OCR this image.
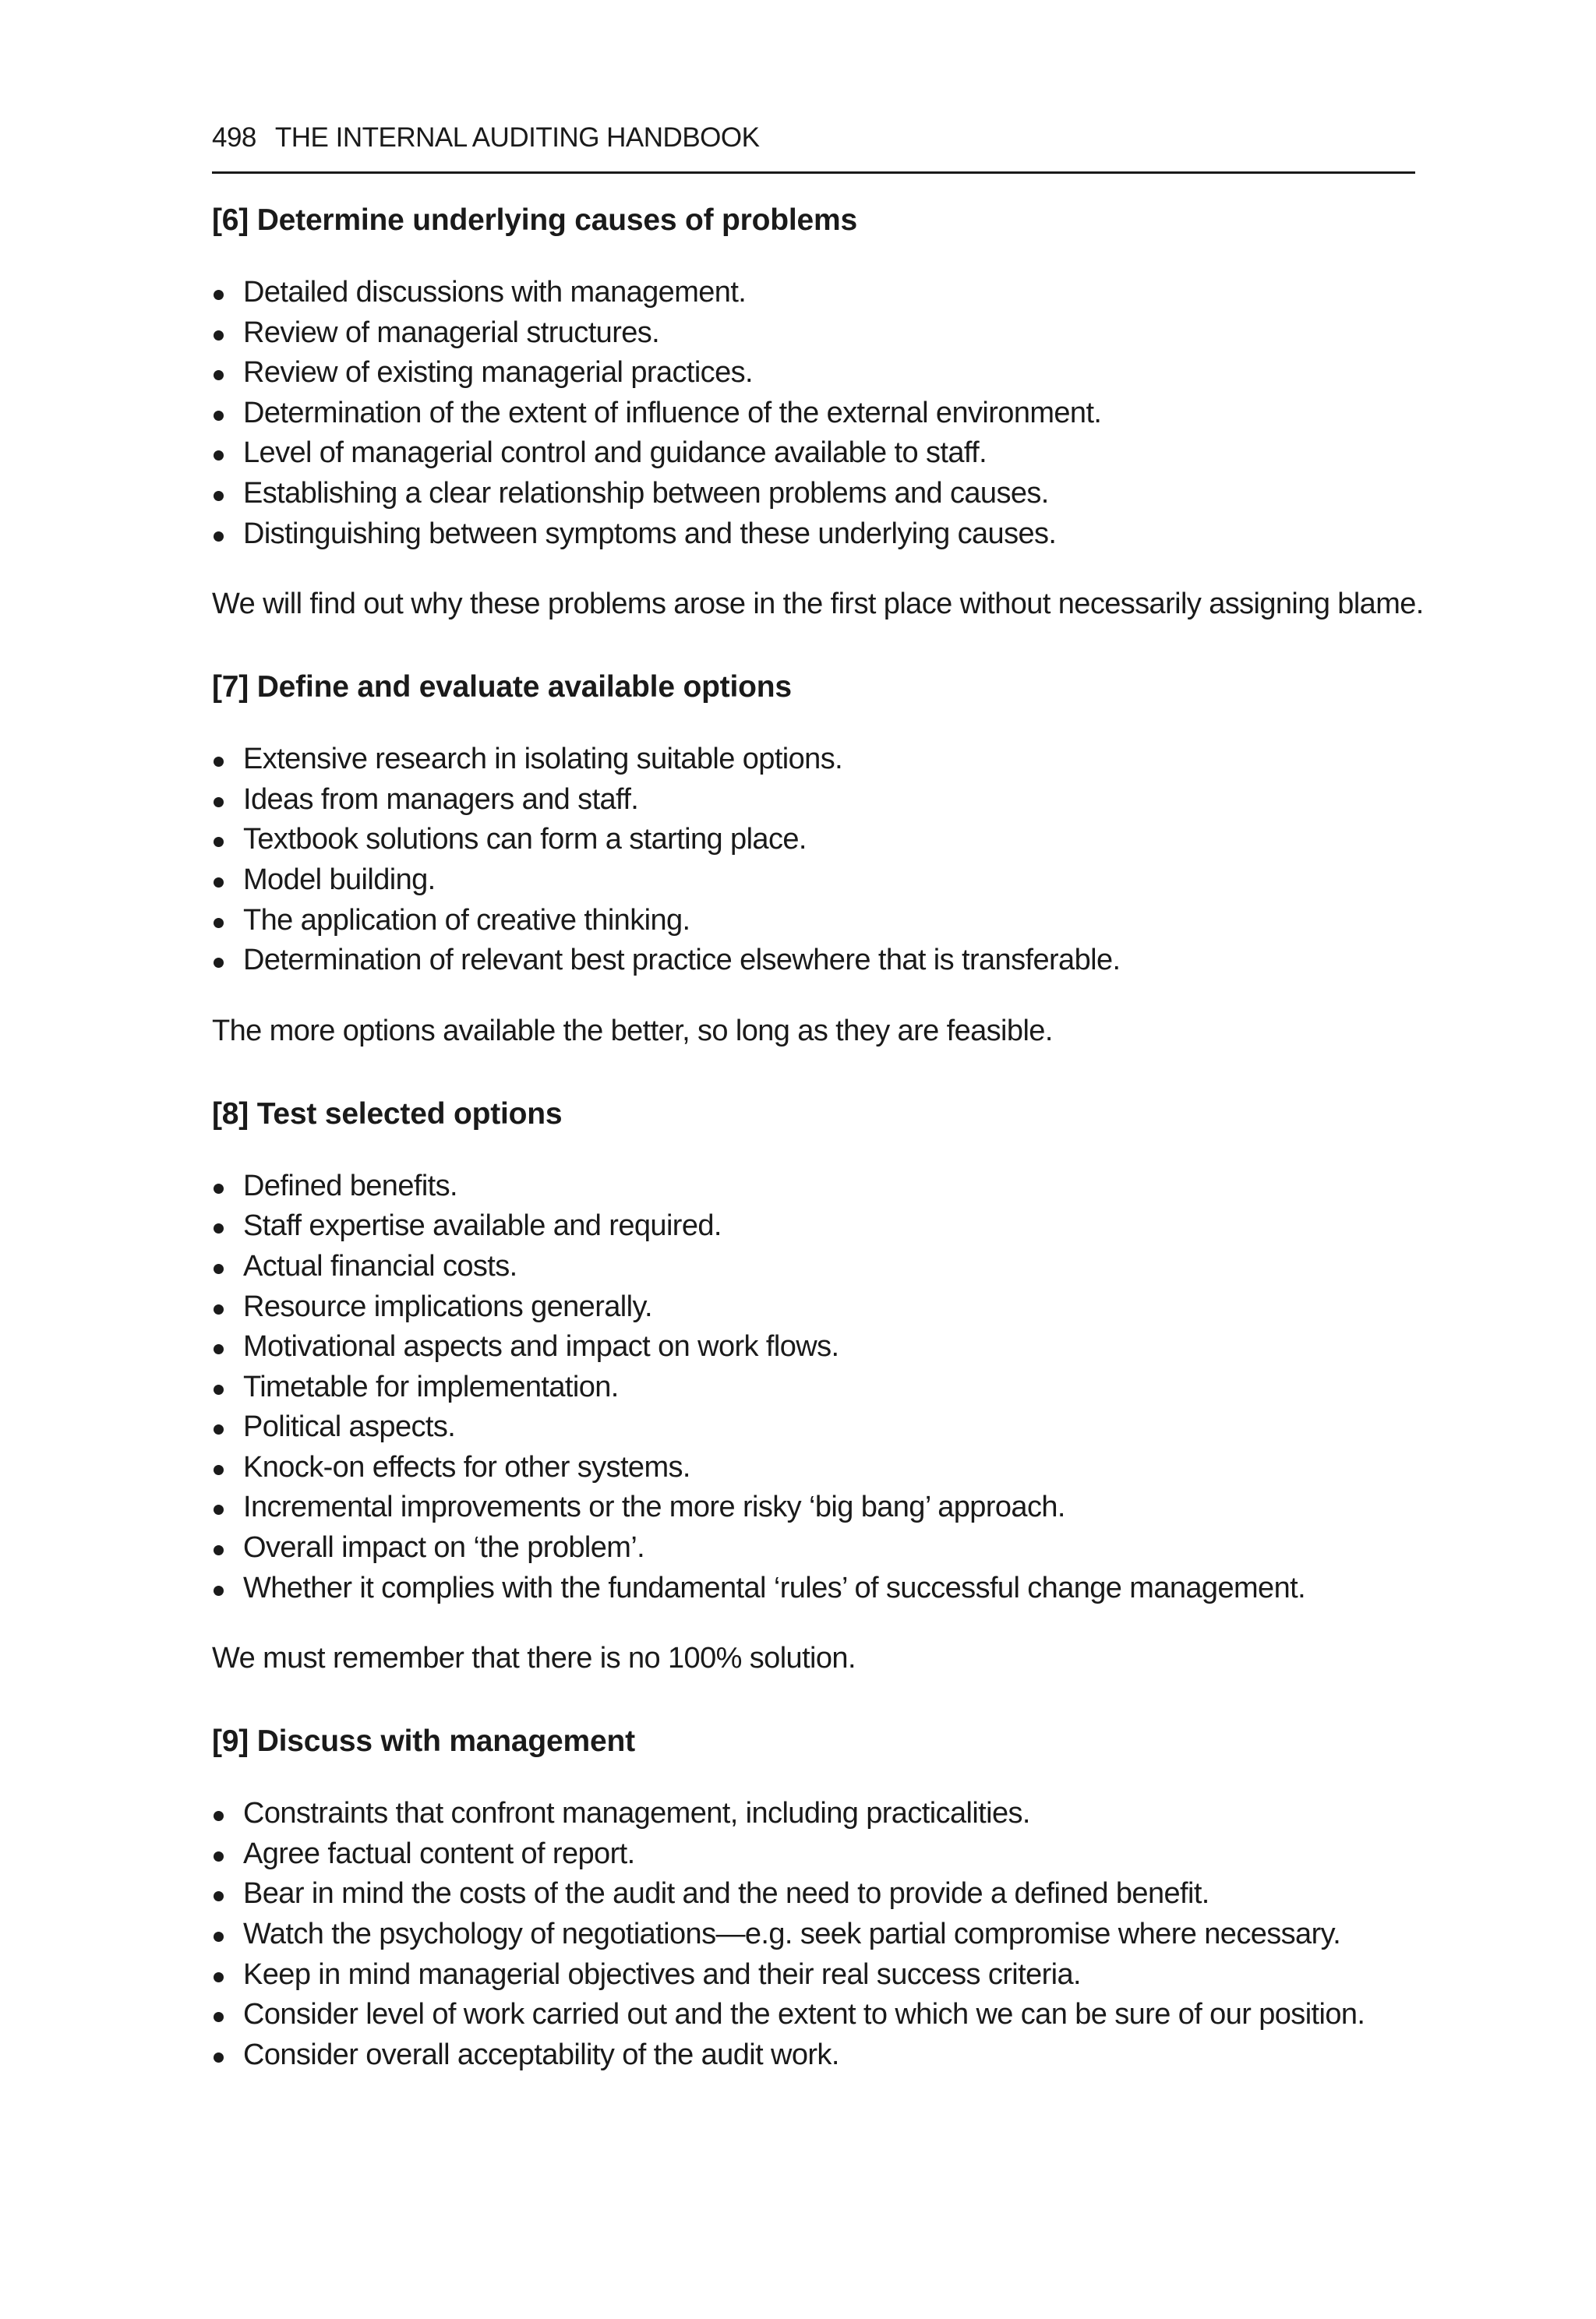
498 THE INTERNAL AUDITING HANDBOOK
[6] Determine underlying causes of problems
Detailed discussions with management.
Review of managerial structures.
Review of existing managerial practices.
Determination of the extent of influence of the external environment.
Level of managerial control and guidance available to staff.
Establishing a clear relationship between problems and causes.
Distinguishing between symptoms and these underlying causes.

We will find out why these problems arose in the first place without necessarily assigning blame.

[7] Define and evaluate available options
Extensive research in isolating suitable options.
Ideas from managers and staff.
Textbook solutions can form a starting place.
Model building.
The application of creative thinking.
Determination of relevant best practice elsewhere that is transferable.

The more options available the better, so long as they are feasible.

[8] Test selected options
Defined benefits.
Staff expertise available and required.
Actual financial costs.
Resource implications generally.
Motivational aspects and impact on work flows.
Timetable for implementation.
Political aspects.
Knock-on effects for other systems.
Incremental improvements or the more risky ‘big bang’ approach.
Overall impact on ‘the problem’.
Whether it complies with the fundamental ‘rules’ of successful change management.

We must remember that there is no 100% solution.

[9] Discuss with management
Constraints that confront management, including practicalities.
Agree factual content of report.
Bear in mind the costs of the audit and the need to provide a defined benefit.
Watch the psychology of negotiations—e.g. seek partial compromise where necessary.
Keep in mind managerial objectives and their real success criteria.
Consider level of work carried out and the extent to which we can be sure of our position.
Consider overall acceptability of the audit work.
